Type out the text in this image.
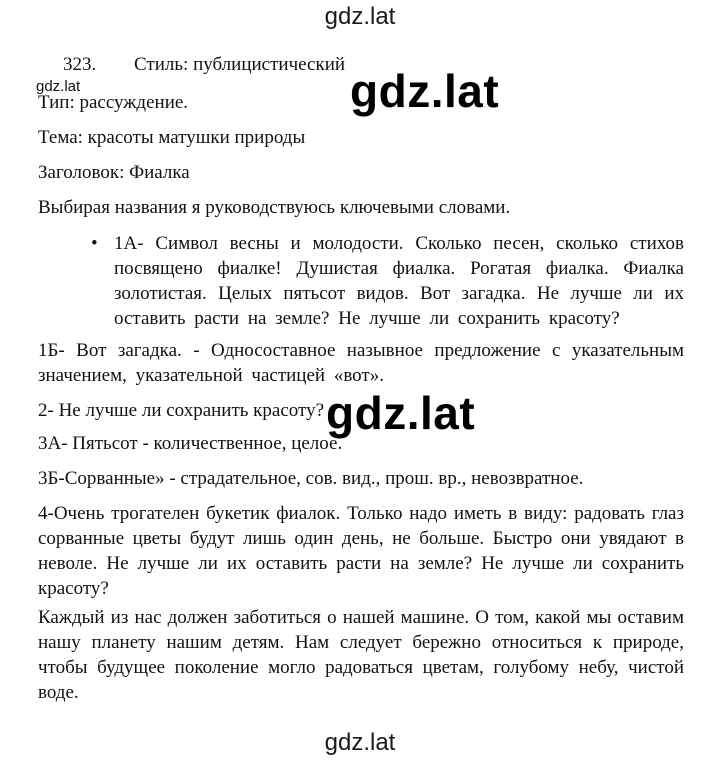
gdz.lat
gdz.lat	gdz.lat
gdz.lat
gdz.lat
323. Стиль: публицистический
Тип: рассуждение.
Тема: красоты матушки природы
Заголовок: Фиалка
Выбирая названия я руководствуюсь ключевыми словами.
• 1А- Символ весны и молодости. Сколько песен, сколько стихов посвящено фиалке! Душистая фиалка. Рогатая фиалка. Фиалка золотистая. Целых пятьсот видов. Вот загадка. Не лучше ли их оставить расти на земле? Не лучше ли сохранить красоту?
1Б- Вот загадка. - Односоставное назывное предложение с указательным значением, указательной частицей «вот».
2- Не лучше ли сохранить красоту?
3А- Пятьсот - количественное, целое.
3Б-Сорванные» - страдательное, сов. вид., прош. вр., невозвратное.
4-Очень трогателен букетик фиалок. Только надо иметь в виду: радовать глаз сорванные цветы будут лишь один день, не больше. Быстро они увядают в неволе. Не лучше ли их оставить расти на земле? Не лучше ли сохранить красоту?
Каждый из нас должен заботиться о нашей машине. О том, какой мы оставим нашу планету нашим детям. Нам следует бережно относиться к природе, чтобы будущее поколение могло радоваться цветам, голубому небу, чистой воде.
